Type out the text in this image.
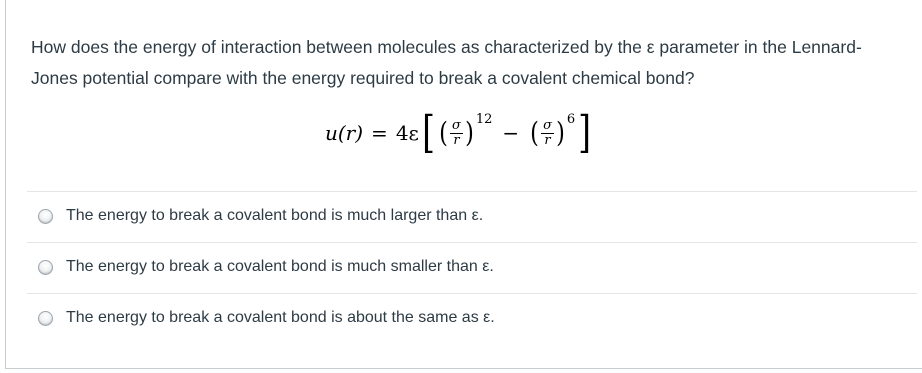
How does the energy of interaction between molecules as characterized by the ε parameter in the Lennard-Jones potential compare with the energy required to break a covalent chemical bond?
u(r) = 4ε [ ( $\frac{\sigma}{r}$ ) 12
− ( $\frac{\sigma}{r}$ ) 6 ]
The energy to break a covalent bond is much larger than ε.
The energy to break a covalent bond is much smaller than ε.
The energy to break a covalent bond is about the same as ε.
